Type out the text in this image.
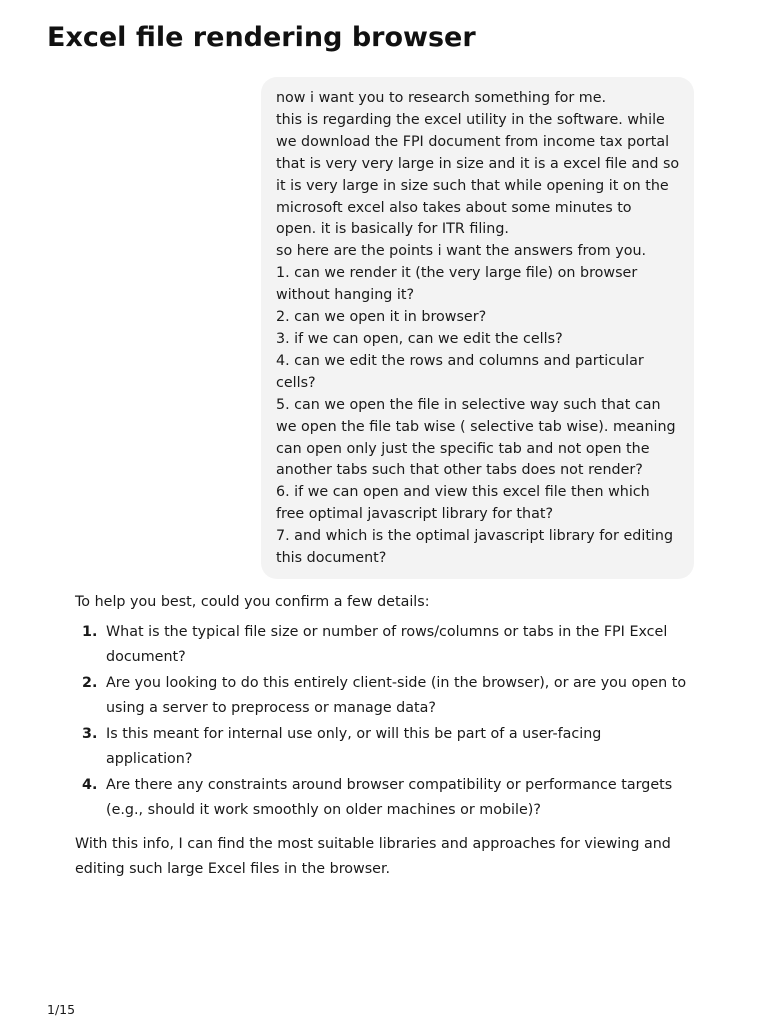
Excel file rendering browser
now i want you to research something for me.
this is regarding the excel utility in the software. while
we download the FPI document from income tax portal
that is very very large in size and it is a excel file and so
it is very large in size such that while opening it on the
microsoft excel also takes about some minutes to
open. it is basically for ITR filing.
so here are the points i want the answers from you.
1. can we render it (the very large file) on browser
without hanging it?
2. can we open it in browser?
3. if we can open, can we edit the cells?
4. can we edit the rows and columns and particular
cells?
5. can we open the file in selective way such that can
we open the file tab wise ( selective tab wise). meaning
can open only just the specific tab and not open the
another tabs such that other tabs does not render?
6. if we can open and view this excel file then which
free optimal javascript library for that?
7. and which is the optimal javascript library for editing
this document?

To help you best, could you confirm a few details:

1. What is the typical file size or number of rows/columns or tabs in the FPI Excel
document?
2. Are you looking to do this entirely client-side (in the browser), or are you open to
using a server to preprocess or manage data?
3. Is this meant for internal use only, or will this be part of a user-facing
application?
4. Are there any constraints around browser compatibility or performance targets
(e.g., should it work smoothly on older machines or mobile)?

With this info, I can find the most suitable libraries and approaches for viewing and
editing such large Excel files in the browser.

1/15
